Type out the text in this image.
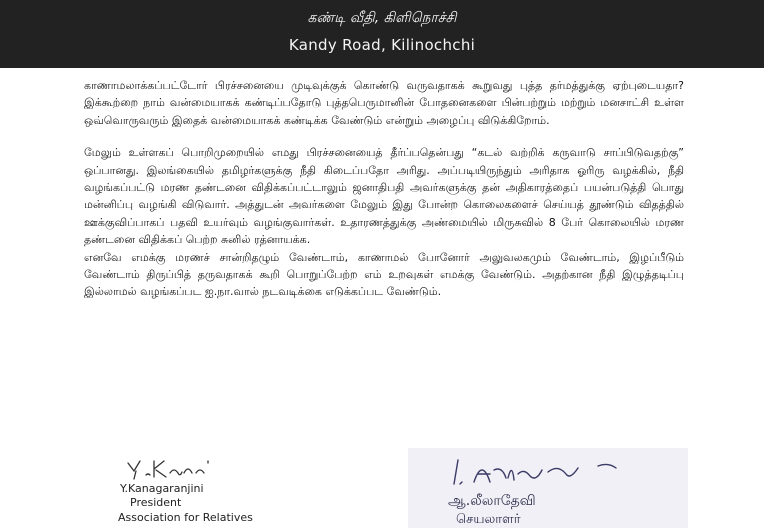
கண்டி வீதி, கிளிநொச்சி
Kandy Road, Kilinochchi

காணாமலாக்கப்பட்டோர் பிரச்சனையை முடிவுக்குக் கொண்டு வருவதாகக் கூறுவது புத்த தர்மத்துக்கு ஏற்புடையதா? இக்கூற்றை நாம் வன்மையாகக் கண்டிப்பதோடு புத்தபெருமானின் போதனைகளை பின்பற்றும் மற்றும் மனசாட்சி உள்ள ஒவ்வொருவரும் இதைக் வன்மையாகக் கண்டிக்க வேண்டும் என்றும் அழைப்பு விடுக்கிறோம்.

மேலும் உள்ளகப் பொறிமுறையில் எமது பிரச்சனையைத் தீர்ப்பதென்பது “கடல் வற்றிக் கருவாடு சாப்பிடுவதற்கு” ஒப்பானது. இலங்கையில் தமிழர்களுக்கு நீதி கிடைப்பதோ அரிது. அப்படியிருந்தும் அரிதாக ஓரிரு வழக்கில், நீதி வழங்கப்பட்டு மரண தண்டனை விதிக்கப்பட்டாலும் ஜனாதிபதி அவர்களுக்கு தன் அதிகாரத்தைப் பயன்படுத்தி பொது மன்னிப்பு வழங்கி விடுவார். அத்துடன் அவர்களை மேலும் இது போன்ற கொலைகளைச் செய்யத் தூண்டும் விதத்தில் ஊக்குவிப்பாகப் பதவி உயர்வும் வழங்குவார்கள். உதாரணத்துக்கு அண்மையில் மிருசுவில் 8 பேர் கொலையில் மரண தண்டனை விதிக்கப் பெற்ற சுனில் ரத்னாயக்க.

எனவே எமக்கு மரணச் சான்றிதழும் வேண்டாம், காணாமல் போனோர் அலுவலகமும் வேண்டாம், இழப்பீடும் வேண்டாம் திருப்பித் தருவதாகக் கூறி பொறுப்பேற்ற எம் உறவுகள் எமக்கு வேண்டும். அதற்கான நீதி இழுத்தடிப்பு இல்லாமல் வழங்கப்பட ஐ.நா.வால் நடவடிக்கை எடுக்கப்பட வேண்டும்.

Y.Kanagaranjini
President
Association for Relatives
ஆ.லீலாதேவி
செயலாளர்
